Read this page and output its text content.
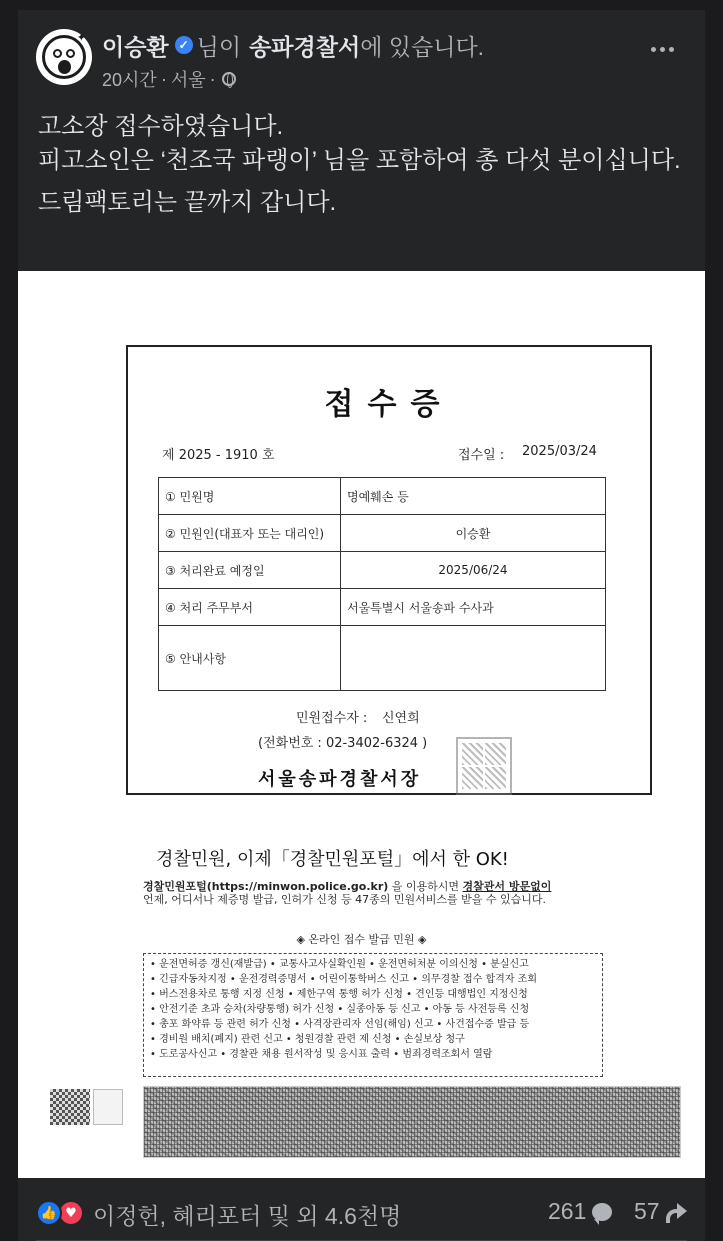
✦ 이승환 ✓ 님이 송파경찰서 에 있습니다.
20시간 · 서울 ·

고소장 접수하였습니다.

피고소인은 ‘천조국 파랭이’ 님을 포함하여 총 다섯 분이십니다.

드림팩토리는 끝까지 갑니다.

접수증
제 2025 - 1910 호	접수일 : 2025/03/24
① 민원명	명예훼손 등
② 민원인(대표자 또는 대리인)	이승환
③ 처리완료 예정일	2025/06/24
④ 처리 주무부서	서울특별시 서울송파 수사과
⑤ 안내사항	
민원접수자 : 신연희
(전화번호 : 02-3402-6324 )
서울송파경찰서장
경찰민원, 이제「경찰민원포털」에서 한 OK!
경찰민원포털(https://minwon.police.go.kr) 을 이용하시면 경찰관서 방문없이
언제, 어디서나 제증명 발급, 인허가 신청 등 47종의 민원서비스를 받을 수 있습니다.
◈ 온라인 접수 발급 민원 ◈
• 운전면허증 갱신(재발급) • 교통사고사실확인원 • 운전면허처분 이의신청 • 분실신고
• 긴급자동차지정 • 운전경력증명서 • 어린이통학버스 신고 • 의무경찰 접수 합격자 조회
• 버스전용차로 통행 지정 신청 • 제한구역 통행 허가 신청 • 견인등 대행법인 지정신청
• 안전기준 초과 승차(차량통행) 허가 신청 • 실종아동 등 신고 • 아동 등 사전등록 신청
• 총포 화약류 등 관련 허가 신청 • 사격장관리자 선임(해임) 신고 • 사건접수증 발급 등
• 경비원 배치(폐지) 관련 신고 • 청원경찰 관련 제 신청 • 손실보상 청구
• 도로공사신고 • 경찰관 채용 원서작성 및 응시표 출력 • 범죄경력조회서 열람
♥
👍 이정헌, 혜리포터 및 외 4.6천명	261 57
